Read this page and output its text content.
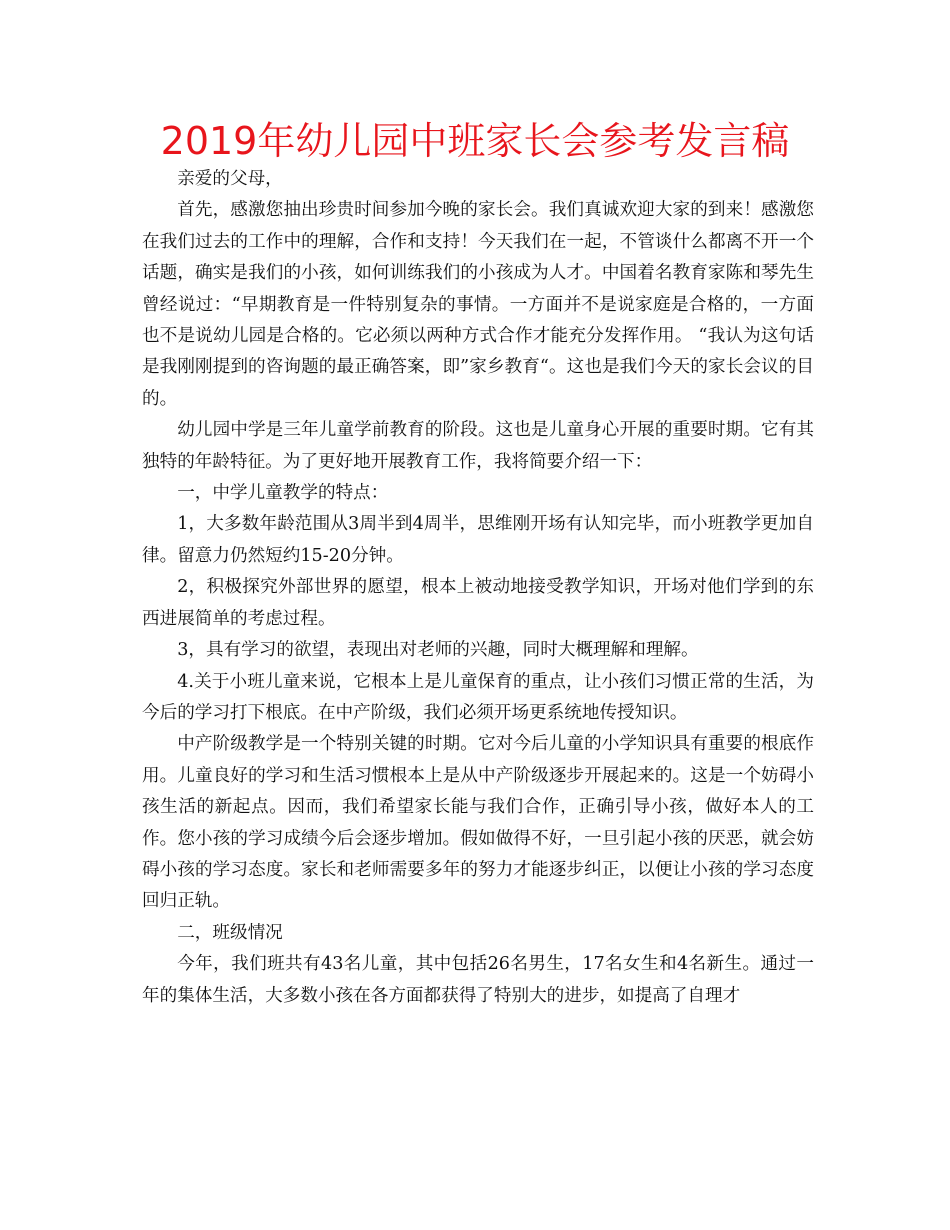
2019年幼儿园中班家长会参考发言稿

亲爱的父母，

首先，感激您抽出珍贵时间参加今晚的家长会。我们真诚欢迎大家的到来！感激您在我们过去的工作中的理解，合作和支持！今天我们在一起，不管谈什么都离不开一个话题，确实是我们的小孩，如何训练我们的小孩成为人才。中国着名教育家陈和琴先生曾经说过：“早期教育是一件特别复杂的事情。一方面并不是说家庭是合格的，一方面也不是说幼儿园是合格的。它必须以两种方式合作才能充分发挥作用。 “我认为这句话是我刚刚提到的咨询题的最正确答案，即”家乡教育“。这也是我们今天的家长会议的目的。

幼儿园中学是三年儿童学前教育的阶段。这也是儿童身心开展的重要时期。它有其独特的年龄特征。为了更好地开展教育工作，我将简要介绍一下：

一，中学儿童教学的特点：

1，大多数年龄范围从3周半到4周半，思维刚开场有认知完毕，而小班教学更加自律。留意力仍然短约15-20分钟。

2，积极探究外部世界的愿望，根本上被动地接受教学知识，开场对他们学到的东西进展简单的考虑过程。

3，具有学习的欲望，表现出对老师的兴趣，同时大概理解和理解。

4.关于小班儿童来说，它根本上是儿童保育的重点，让小孩们习惯正常的生活，为今后的学习打下根底。在中产阶级，我们必须开场更系统地传授知识。

中产阶级教学是一个特别关键的时期。它对今后儿童的小学知识具有重要的根底作用。儿童良好的学习和生活习惯根本上是从中产阶级逐步开展起来的。这是一个妨碍小孩生活的新起点。因而，我们希望家长能与我们合作，正确引导小孩，做好本人的工作。您小孩的学习成绩今后会逐步增加。假如做得不好，一旦引起小孩的厌恶，就会妨碍小孩的学习态度。家长和老师需要多年的努力才能逐步纠正，以便让小孩的学习态度回归正轨。

二，班级情况

今年，我们班共有43名儿童，其中包括26名男生，17名女生和4名新生。通过一年的集体生活，大多数小孩在各方面都获得了特别大的进步，如提高了自理才
